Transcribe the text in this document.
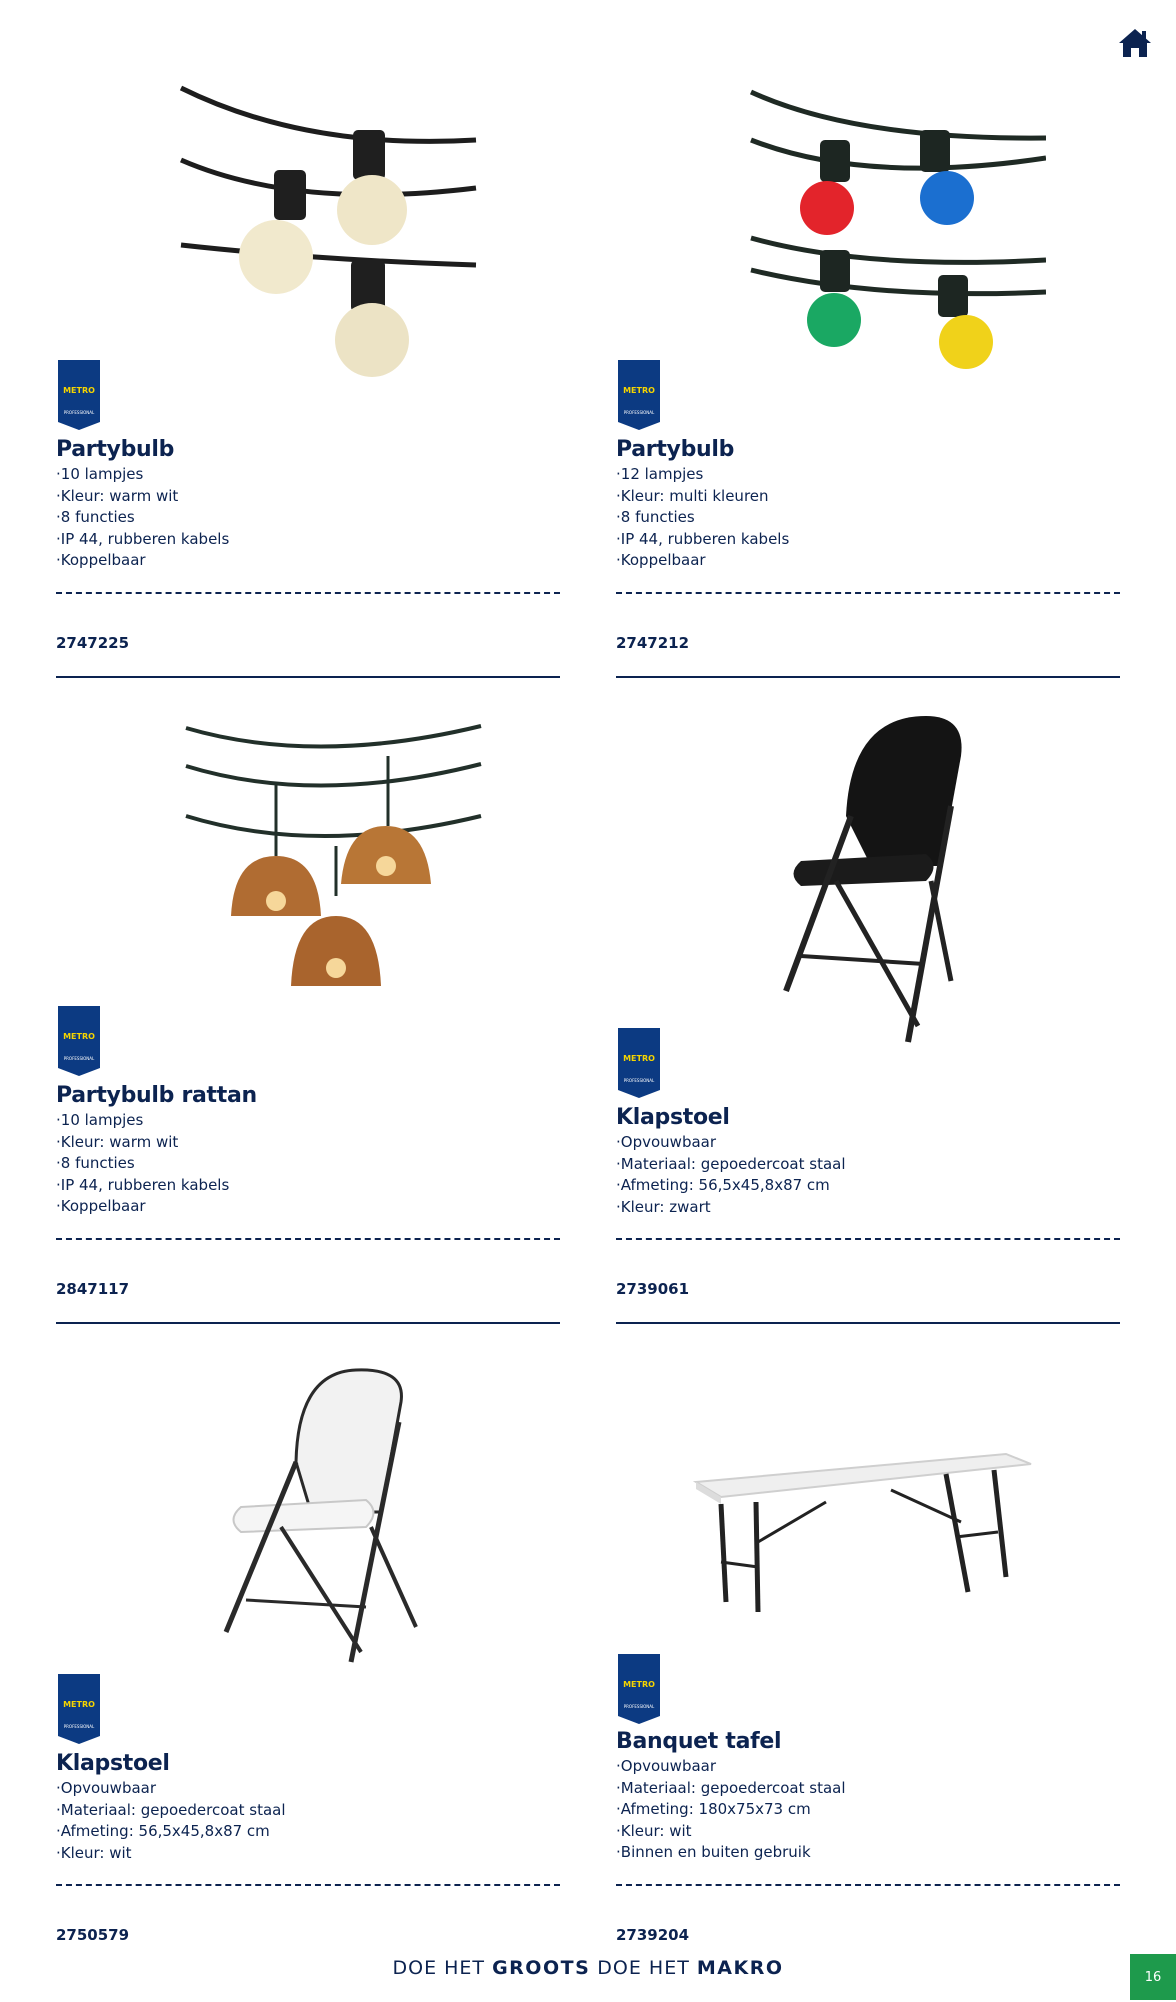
METRO
PROFESSIONAL
Partybulb
· 10 lampjes
· Kleur: warm wit
· 8 functies
· IP 44, rubberen kabels
· Koppelbaar
2747225
METRO
PROFESSIONAL
Partybulb
· 12 lampjes
· Kleur: multi kleuren
· 8 functies
· IP 44, rubberen kabels
· Koppelbaar
2747212
METRO
PROFESSIONAL
Partybulb rattan
· 10 lampjes
· Kleur: warm wit
· 8 functies
· IP 44, rubberen kabels
· Koppelbaar
2847117
METRO
PROFESSIONAL
Klapstoel
· Opvouwbaar
· Materiaal: gepoedercoat staal
· Afmeting: 56,5x45,8x87 cm
· Kleur: zwart
2739061
METRO
PROFESSIONAL
Klapstoel
· Opvouwbaar
· Materiaal: gepoedercoat staal
· Afmeting: 56,5x45,8x87 cm
· Kleur: wit
2750579
METRO
PROFESSIONAL
Banquet tafel
· Opvouwbaar
· Materiaal: gepoedercoat staal
· Afmeting: 180x75x73 cm
· Kleur: wit
· Binnen en buiten gebruik
2739204
DOE HET GROOTS DOE HET MAKRO	16
